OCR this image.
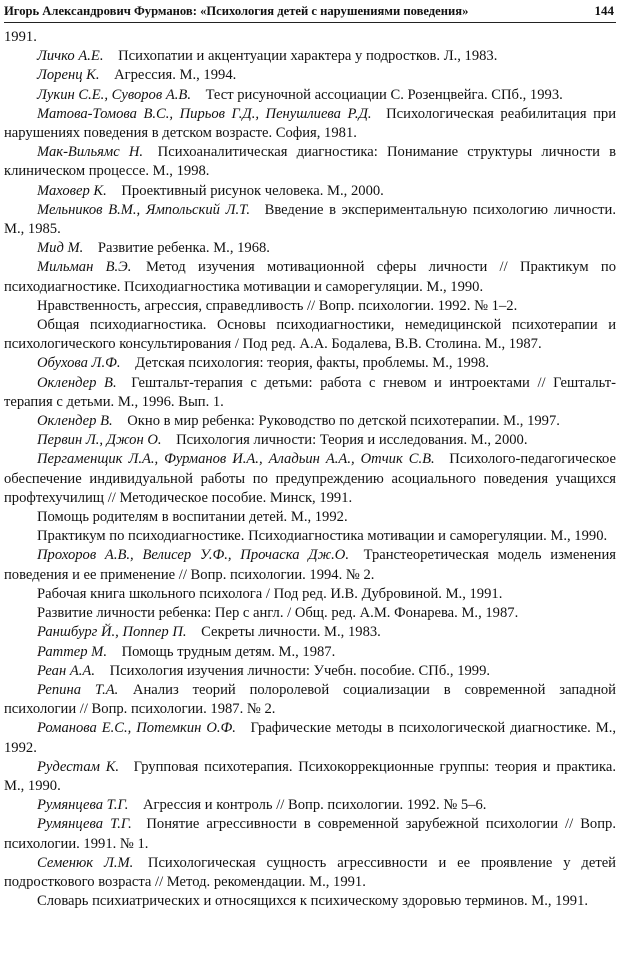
Игорь Александрович Фурманов: «Психология детей с нарушениями поведения»	144

1991.

Личко А.Е.  Психопатии и акцентуации характера у подростков. Л., 1983.

Лоренц К.  Агрессия. М., 1994.

Лукин С.Е., Суворов А.В.  Тест рисуночной ассоциации С. Розенцвейга. СПб., 1993.

Матова-Томова В.С., Пирьов Г.Д., Пенушлиева Р.Д.  Психологическая реабилитация при нарушениях поведения в детском возрасте. София, 1981.

Мак-Вильямс Н.  Психоаналитическая диагностика: Понимание структуры личности в клиническом процессе. М., 1998.

Маховер К.  Проективный рисунок человека. М., 2000.

Мельников В.М., Ямпольский Л.Т.  Введение в экспериментальную психологию личности. М., 1985.

Мид М.  Развитие ребенка. М., 1968.

Мильман В.Э.  Метод изучения мотивационной сферы личности // Практикум по психодиагностике. Психодиагностика мотивации и саморегуляции. М., 1990.

Нравственность, агрессия, справедливость // Вопр. психологии. 1992. № 1–2.

Общая психодиагностика. Основы психодиагностики, немедицинской психотерапии и психологического консультирования / Под ред. А.А. Бодалева, В.В. Столина. М., 1987.

Обухова Л.Ф.  Детская психология: теория, факты, проблемы. М., 1998.

Оклендер В.  Гештальт-терапия с детьми: работа с гневом и интроектами // Гештальт-терапия с детьми. М., 1996. Вып. 1.

Оклендер В.  Окно в мир ребенка: Руководство по детской психотерапии. М., 1997.

Первин Л., Джон О.  Психология личности: Теория и исследования. М., 2000.

Пергаменщик Л.А., Фурманов И.А., Аладьин А.А., Отчик С.В.  Психолого-педагогическое обеспечение индивидуальной работы по предупреждению асоциального поведения учащихся профтехучилищ // Методическое пособие. Минск, 1991.

Помощь родителям в воспитании детей. М., 1992.

Практикум по психодиагностике. Психодиагностика мотивации и саморегуляции. М., 1990.

Прохоров А.В., Велисер У.Ф., Прочаска Дж.О.  Транстеоретическая модель изменения поведения и ее применение // Вопр. психологии. 1994. № 2.

Рабочая книга школьного психолога / Под ред. И.В. Дубровиной. М., 1991.

Развитие личности ребенка: Пер с англ. / Общ. ред. А.М. Фонарева. М., 1987.

Раншбург Й., Поппер П.  Секреты личности. М., 1983.

Раттер М.  Помощь трудным детям. М., 1987.

Реан А.А.  Психология изучения личности: Учебн. пособие. СПб., 1999.

Репина Т.А.  Анализ теорий полоролевой социализации в современной западной психологии // Вопр. психологии. 1987. № 2.

Романова Е.С., Потемкин О.Ф.  Графические методы в психологической диагностике. М., 1992.

Рудестам К.  Групповая психотерапия. Психокоррекционные группы: теория и практика. М., 1990.

Румянцева Т.Г.  Агрессия и контроль // Вопр. психологии. 1992. № 5–6.

Румянцева Т.Г.  Понятие агрессивности в современной зарубежной психологии // Вопр. психологии. 1991. № 1.

Семенюк Л.М.  Психологическая сущность агрессивности и ее проявление у детей подросткового возраста // Метод. рекомендации. М., 1991.

Словарь психиатрических и относящихся к психическому здоровью терминов. М., 1991.
